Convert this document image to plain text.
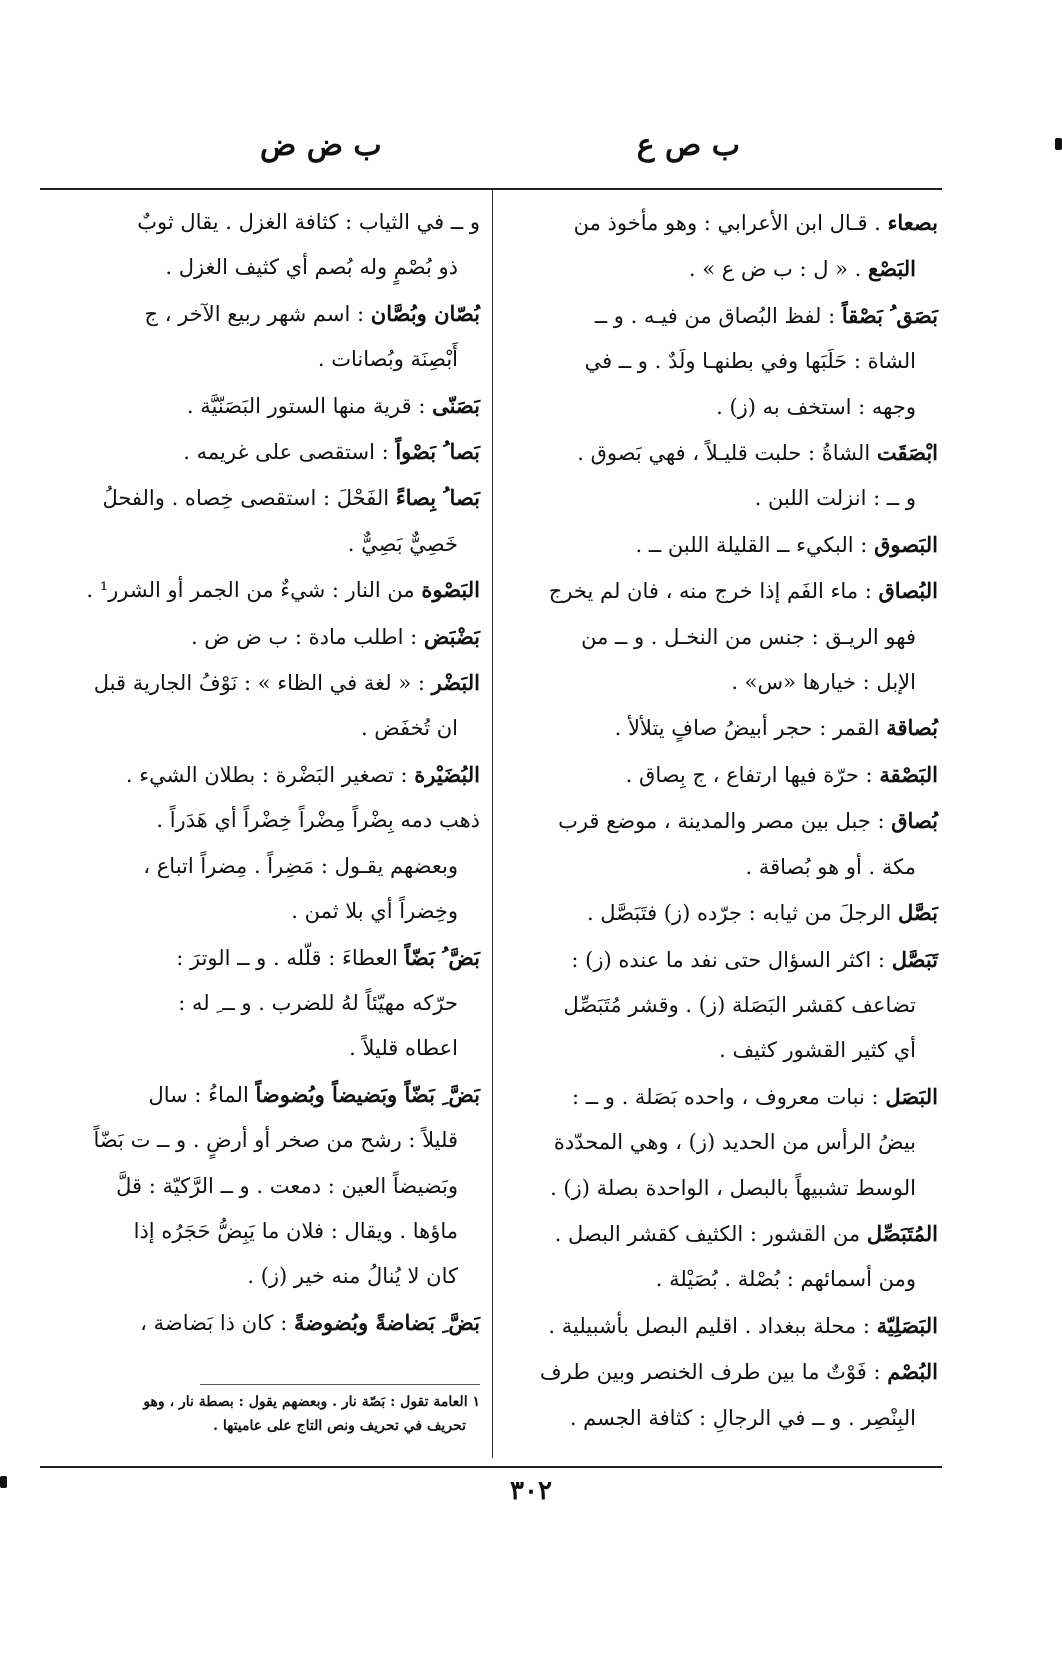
ب ص ع
ب ض ض
بصعاء . قـال ابن الأعرابي : وهو مأخوذ من
البَصْع . « ل : ب ض ع » .
بَصَق ُ بَصْقاً : لفظ البُصاق من فيـه . و ــ
الشاة : حَلَبَها وفي بطنهـا ولَدٌ . و ــ في
وجهه : استخف به (ز) .
ابْصَقَت الشاةُ : حلبت قليـلاً ، فهي بَصوق .
و ــ : انزلت اللبن .
البَصوق : البكيء ــ القليلة اللبن ــ .
البُصاق : ماء الفَم إذا خرج منه ، فان لم يخرج
فهو الريـق : جنس من النخـل . و ــ من
الإبل : خيارها «س» .
بُصاقة القمر : حجر أبيضُ صافٍ يتلألأ .
البَصْقة : حرّة فيها ارتفاع ، ج بِصاق .
بُصاق : جبل بين مصر والمدينة ، موضع قرب
مكة . أو هو بُصاقة .
بَصَّل الرجلَ من ثيابه : جرّده (ز) فتَبَصَّل .
تَبَصَّل : اكثر السؤال حتى نفد ما عنده (ز) :
تضاعف كقشر البَصَلة (ز) . وقشر مُتَبَصِّل
أي كثير القشور كثيف .
البَصَل : نبات معروف ، واحده بَصَلة . و ــ :
بيضُ الرأس من الحديد (ز) ، وهي المحدّدة
الوسط تشبيهاً بالبصل ، الواحدة بصلة (ز) .
المُتَبَصِّل من القشور : الكثيف كقشر البصل .
ومن أسمائهم : بُصْلة . بُصَيْلة .
البَصَلِيّة : محلة ببغداد . اقليم البصل بأشبيلية .
البُصْم : فَوْتٌ ما بين طرف الخنصر وبين طرف
البِنْصِر . و ــ في الرجالِ : كثافة الجسم .
و ــ في الثياب : كثافة الغزل . يقال ثوبٌ
ذو بُصْمٍ وله بُصم أي كثيف الغزل .
بُصّان وبُصَّان : اسم شهر ربيع الآخر ، ج
أَبْصِنَة وبُصانات .
بَصَنّى : قرية منها الستور البَصَنّيَّة .
بَصا ُ بَصْواً : استقصى على غريمه .
بَصا ُ بِصاءً الفَحْلَ : استقصى خِصاه . والفحلُ
خَصِيٌّ بَصِيٌّ .
البَصْوة من النار : شيءٌ من الجمر أو الشرر¹ .
بَضْبَض : اطلب مادة : ب ض ض .
البَضْر : « لغة في الظاء » : نَوْفُ الجارية قبل
ان تُخفَض .
البُضَيْرة : تصغير البَضْرة : بطلان الشيء .
ذهب دمه بِضْراً مِضْراً خِضْراً أي هَدَراً .
وبعضهم يقـول : مَضِراً . مِضراً اتباع ،
وخِضراً أي بلا ثمن .
بَضَّ ُ بَضّاً العطاءَ : قلّله . و ــ الوترَ :
حرّكه مهيّئاً لهُ للضرب . و ــ ِ له :
اعطاه قليلاً .
بَضَّ ِ بَضّاً وبَضيضاً وبُضوضاً الماءُ : سال
قليلاً : رشح من صخر أو أرضٍ . و ــ ت بَضّاً
وبَضيضاً العين : دمعت . و ــ الرَّكيّة : قلَّ
ماؤها . ويقال : فلان ما يَبِضُّ حَجَرُه إذا
كان لا يُنالُ منه خير (ز) .
بَضَّ ِ بَضاضةً وبُضوضةً : كان ذا بَضاضة ،
١ العامة تقول : بَصّة نار . وبعضهم يقول : بصطة نار ، وهو
تحريف في تحريف ونص التاج على عاميتها .
٣٠٢
